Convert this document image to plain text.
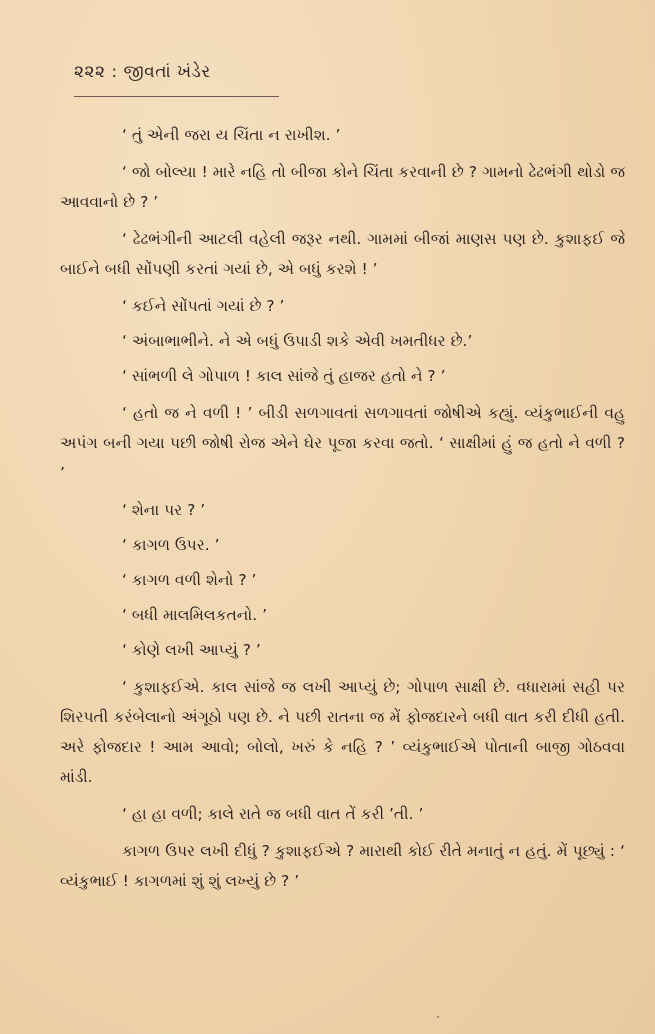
૨૨૨ : જીવતાં ખંડેર

‘ તું એની જરા ય ચિંતા ન રાખીશ. ’

‘ જો બોલ્યા ! મારે નહિ તો બીજા કોને ચિંતા કરવાની છે ? ગામનો ઢેઢભંગી થોડો જ આવવાનો છે ? ’

‘ ઢેઢભંગીની આટલી વહેલી જરૂર નથી. ગામમાં બીજાં માણસ પણ છે. કુશાફઈ જે બાઈને બધી સોંપણી કરતાં ગયાં છે, એ બધું કરશે ! ’

‘ કઈને સોંપતાં ગયાં છે ? ’

‘ અંબાભાભીને. ને એ બધું ઉપાડી શકે એવી ખમતીધર છે.’

‘ સાંભળી લે ગોપાળ ! કાલ સાંજે તું હાજર હતો ને ? ’

‘ હતો જ ને વળી ! ’ બીડી સળગાવતાં સળગાવતાં જોષીએ કહ્યું. વ્યંકુભાઈની વહુ અપંગ બની ગયા પછી જોષી રોજ એને ઘેર પૂજા કરવા જતો. ‘ સાક્ષીમાં હું જ હતો ને વળી ? ’

‘ શેના પર ? ’

‘ કાગળ ઉપર. ’

‘ કાગળ વળી શેનો ? ’

‘ બધી માલમિલકતનો. ’

‘ કોણે લખી આપ્યું ? ’

‘ કુશાફઈએ. કાલ સાંજે જ લખી આપ્યું છે; ગોપાળ સાક્ષી છે. વધારામાં સહી પર શિરપતી કરંબેલાનો અંગૂઠો પણ છે. ને પછી રાતના જ મેં ફોજદારને બધી વાત કરી દીધી હતી. અરે ફોજદાર ! આમ આવો; બોલો, ખરું કે નહિ ? ’ વ્યંકુભાઈએ પોતાની બાજી ગોઠવવા માંડી.

‘ હા હા વળી; કાલે રાતે જ બધી વાત તેં કરી ’તી. ’

કાગળ ઉપર લખી દીધું ? કુશાફઈએ ? મારાથી કોઈ રીતે મનાતું ન હતું. મેં પૂછ્યું : ‘ વ્યંકુભાઈ ! કાગળમાં શું શું લખ્યું છે ? ’
